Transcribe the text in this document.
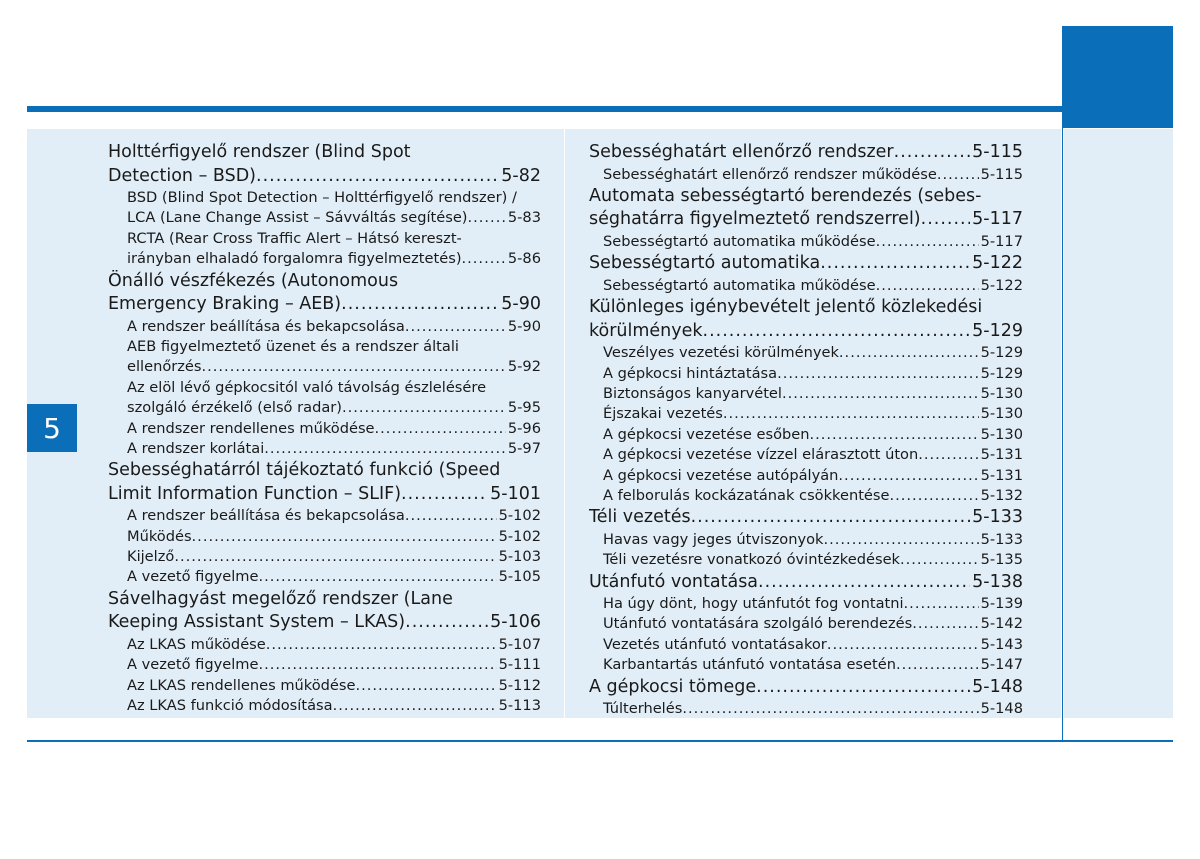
5
Holttérfigyelő rendszer (Blind Spot
Detection – BSD) .....	5-82
BSD (Blind Spot Detection – Holttérfigyelő rendszer) /
LCA (Lane Change Assist – Sávváltás segítése) .....	5-83
RCTA (Rear Cross Traffic Alert – Hátsó kereszt-
irányban elhaladó forgalomra figyelmeztetés) .....	5-86
Önálló vészfékezés (Autonomous
Emergency Braking – AEB) .....	5-90
A rendszer beállítása és bekapcsolása .....	5-90
AEB figyelmeztető üzenet és a rendszer általi
ellenőrzés .....	5-92
Az elöl lévő gépkocsitól való távolság észlelésére
szolgáló érzékelő (első radar) .....	5-95
A rendszer rendellenes működése .....	5-96
A rendszer korlátai .....	5-97
Sebességhatárról tájékoztató funkció (Speed
Limit Information Function – SLIF) .....	5-101
A rendszer beállítása és bekapcsolása .....	5-102
Működés .....	5-102
Kijelző .....	5-103
A vezető figyelme .....	5-105
Sávelhagyást megelőző rendszer (Lane
Keeping Assistant System – LKAS) .....	5-106
Az LKAS működése .....	5-107
A vezető figyelme .....	5-111
Az LKAS rendellenes működése .....	5-112
Az LKAS funkció módosítása .....	5-113
Sebességhatárt ellenőrző rendszer .....	5-115
Sebességhatárt ellenőrző rendszer működése .....	5-115
Automata sebességtartó berendezés (sebes-
séghatárra figyelmeztető rendszerrel) .....	5-117
Sebességtartó automatika működése .....	5-117
Sebességtartó automatika .....	5-122
Sebességtartó automatika működése .....	5-122
Különleges igénybevételt jelentő közlekedési
körülmények .....	5-129
Veszélyes vezetési körülmények .....	5-129
A gépkocsi hintáztatása .....	5-129
Biztonságos kanyarvétel .....	5-130
Éjszakai vezetés .....	5-130
A gépkocsi vezetése esőben .....	5-130
A gépkocsi vezetése vízzel elárasztott úton .....	5-131
A gépkocsi vezetése autópályán .....	5-131
A felborulás kockázatának csökkentése .....	5-132
Téli vezetés .....	5-133
Havas vagy jeges útviszonyok .....	5-133
Téli vezetésre vonatkozó óvintézkedések .....	5-135
Utánfutó vontatása .....	5-138
Ha úgy dönt, hogy utánfutót fog vontatni .....	5-139
Utánfutó vontatására szolgáló berendezés .....	5-142
Vezetés utánfutó vontatásakor .....	5-143
Karbantartás utánfutó vontatása esetén .....	5-147
A gépkocsi tömege .....	5-148
Túlterhelés .....	5-148
